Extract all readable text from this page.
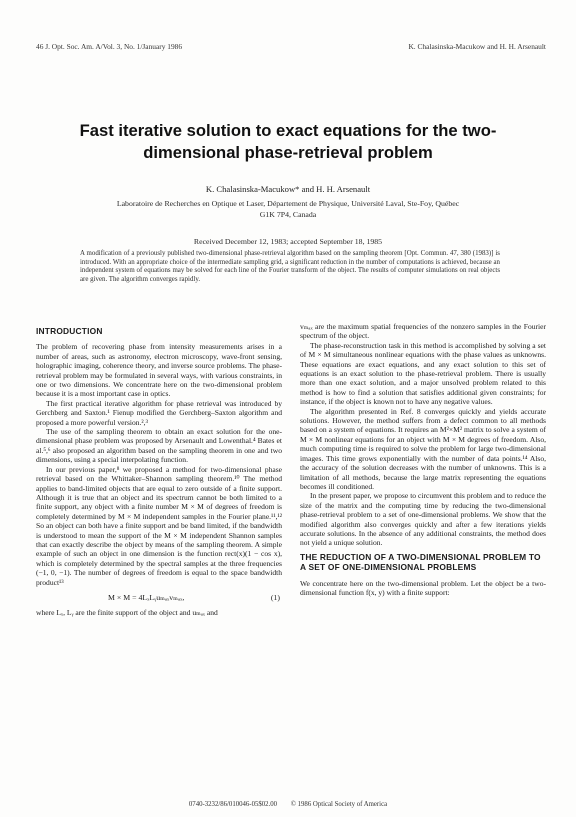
46 J. Opt. Soc. Am. A/Vol. 3, No. 1/January 1986	K. Chalasinska-Macukow and H. H. Arsenault
Fast iterative solution to exact equations for the two-
dimensional phase-retrieval problem
K. Chalasinska-Macukow* and H. H. Arsenault
Laboratoire de Recherches en Optique et Laser, Département de Physique, Université Laval, Ste-Foy, Québec
G1K 7P4, Canada
Received December 12, 1983; accepted September 18, 1985
A modification of a previously published two-dimensional phase-retrieval algorithm based on the sampling theorem [Opt. Commun. 47, 380 (1983)] is introduced. With an appropriate choice of the intermediate sampling grid, a significant reduction in the number of computations is achieved, because an independent system of equations may be solved for each line of the Fourier transform of the object. The results of computer simulations on real objects are given. The algorithm converges rapidly.
INTRODUCTION

The problem of recovering phase from intensity measurements arises in a number of areas, such as astronomy, electron microscopy, wave-front sensing, holographic imaging, coherence theory, and inverse source problems. The phase-retrieval problem may be formulated in several ways, with various constraints, in one or two dimensions. We concentrate here on the two-dimensional problem because it is a most important case in optics.

The first practical iterative algorithm for phase retrieval was introduced by Gerchberg and Saxton.¹ Fienup modified the Gerchberg–Saxton algorithm and proposed a more powerful version.²,³

The use of the sampling theorem to obtain an exact solution for the one-dimensional phase problem was proposed by Arsenault and Lowenthal.⁴ Bates et al.⁵,⁶ also proposed an algorithm based on the sampling theorem in one and two dimensions, using a special interpolating function.

In our previous paper,⁸ we proposed a method for two-dimensional phase retrieval based on the Whittaker–Shannon sampling theorem.¹⁰ The method applies to band-limited objects that are equal to zero outside of a finite support. Although it is true that an object and its spectrum cannot be both limited to a finite support, any object with a finite number M × M of degrees of freedom is completely determined by M × M independent samples in the Fourier plane.¹¹,¹² So an object can both have a finite support and be band limited, if the bandwidth is understood to mean the support of the M × M independent Shannon samples that can exactly describe the object by means of the sampling theorem. A simple example of such an object in one dimension is the function rect(x)(1 − cos x), which is completely determined by the spectral samples at the three frequencies (−1, 0, −1). The number of degrees of freedom is equal to the space bandwidth product¹³

M × M = 4LₓLᵧuₘₐₓvₘₐₓ,	(1)

where Lₓ, Lᵧ are the finite support of the object and uₘₐₓ and

vₘₐₓ are the maximum spatial frequencies of the nonzero samples in the Fourier spectrum of the object.

The phase-reconstruction task in this method is accomplished by solving a set of M × M simultaneous nonlinear equations with the phase values as unknowns. These equations are exact equations, and any exact solution to this set of equations is an exact solution to the phase-retrieval problem. There is usually more than one exact solution, and a major unsolved problem related to this method is how to find a solution that satisfies additional given constraints; for instance, if the object is known not to have any negative values.

The algorithm presented in Ref. 8 converges quickly and yields accurate solutions. However, the method suffers from a defect common to all methods based on a system of equations. It requires an M²×M² matrix to solve a system of M × M nonlinear equations for an object with M × M degrees of freedom. Also, much computing time is required to solve the problem for large two-dimensional images. This time grows exponentially with the number of data points.¹⁴ Also, the accuracy of the solution decreases with the number of unknowns. This is a limitation of all methods, because the large matrix representing the equations becomes ill conditioned.

In the present paper, we propose to circumvent this problem and to reduce the size of the matrix and the computing time by reducing the two-dimensional phase-retrieval problem to a set of one-dimensional problems. We show that the modified algorithm also converges quickly and after a few iterations yields accurate solutions. In the absence of any additional constraints, the method does not yield a unique solution.

THE REDUCTION OF A TWO-DIMENSIONAL PROBLEM TO A SET OF ONE-DIMENSIONAL PROBLEMS

We concentrate here on the two-dimensional problem. Let the object be a two-dimensional function f(x, y) with a finite support:

0740-3232/86/010046-05$02.00 © 1986 Optical Society of America
